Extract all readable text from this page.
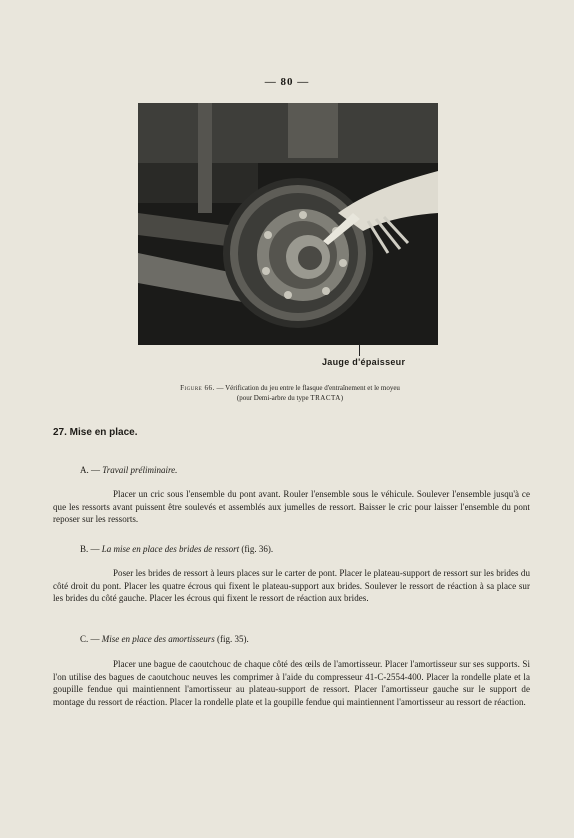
— 80 —
Jauge d'épaisseur
Figure 66. — Vérification du jeu entre le flasque d'entraînement et le moyeu
(pour Demi-arbre du type TRACTA)
27. Mise en place.
A. — Travail préliminaire.
Placer un cric sous l'ensemble du pont avant. Rouler l'ensemble sous le véhicule. Soulever l'ensemble jusqu'à ce que les ressorts avant puissent être soulevés et assemblés aux jumelles de ressort. Baisser le cric pour laisser l'ensemble du pont reposer sur les ressorts.
B. — La mise en place des brides de ressort (fig. 36).
Poser les brides de ressort à leurs places sur le carter de pont. Placer le plateau-support de ressort sur les brides du côté droit du pont. Placer les quatre écrous qui fixent le plateau-support aux brides. Soulever le ressort de réaction à sa place sur les brides du côté gauche. Placer les écrous qui fixent le ressort de réaction aux brides.
C. — Mise en place des amortisseurs (fig. 35).
Placer une bague de caoutchouc de chaque côté des œils de l'amortisseur. Placer l'amortisseur sur ses supports. Si l'on utilise des bagues de caoutchouc neuves les comprimer à l'aide du compresseur 41-C-2554-400. Placer la rondelle plate et la goupille fendue qui maintiennent l'amortisseur au plateau-support de ressort. Placer l'amortisseur gauche sur le support de montage du ressort de réaction. Placer la rondelle plate et la goupille fendue qui maintiennent l'amortisseur au ressort de réaction.
